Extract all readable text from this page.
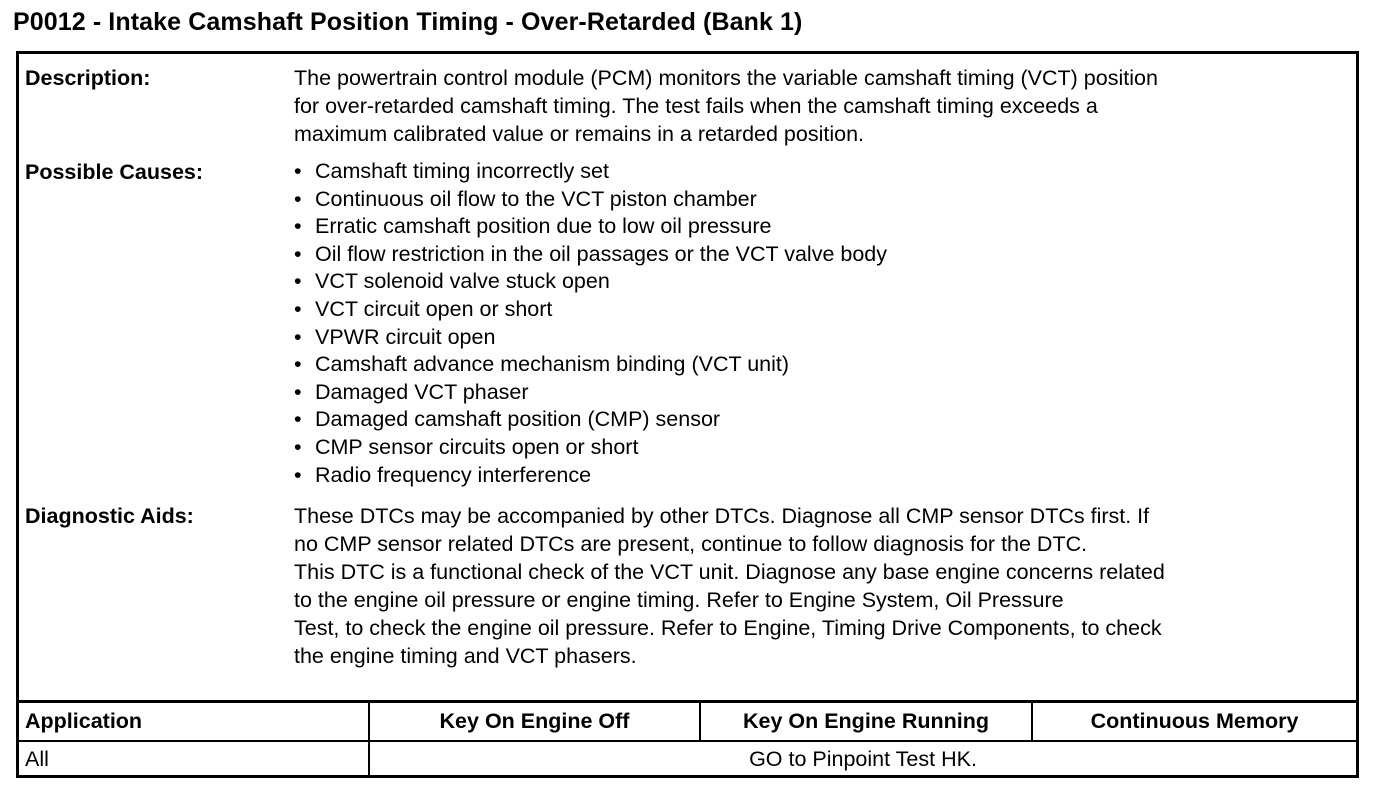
P0012 - Intake Camshaft Position Timing - Over-Retarded (Bank 1)
Description:	The powertrain control module (PCM) monitors the variable camshaft timing (VCT) position
for over-retarded camshaft timing. The test fails when the camshaft timing exceeds a
maximum calibrated value or remains in a retarded position.
Possible Causes:	• Camshaft timing incorrectly set
• Continuous oil flow to the VCT piston chamber
• Erratic camshaft position due to low oil pressure
• Oil flow restriction in the oil passages or the VCT valve body
• VCT solenoid valve stuck open
• VCT circuit open or short
• VPWR circuit open
• Camshaft advance mechanism binding (VCT unit)
• Damaged VCT phaser
• Damaged camshaft position (CMP) sensor
• CMP sensor circuits open or short
• Radio frequency interference
Diagnostic Aids:	These DTCs may be accompanied by other DTCs. Diagnose all CMP sensor DTCs first. If
no CMP sensor related DTCs are present, continue to follow diagnosis for the DTC.
This DTC is a functional check of the VCT unit. Diagnose any base engine concerns related
to the engine oil pressure or engine timing. Refer to Engine System, Oil Pressure
Test, to check the engine oil pressure. Refer to Engine, Timing Drive Components, to check
the engine timing and VCT phasers.
Application	Key On Engine Off	Key On Engine Running	Continuous Memory
All	GO to Pinpoint Test HK.		
